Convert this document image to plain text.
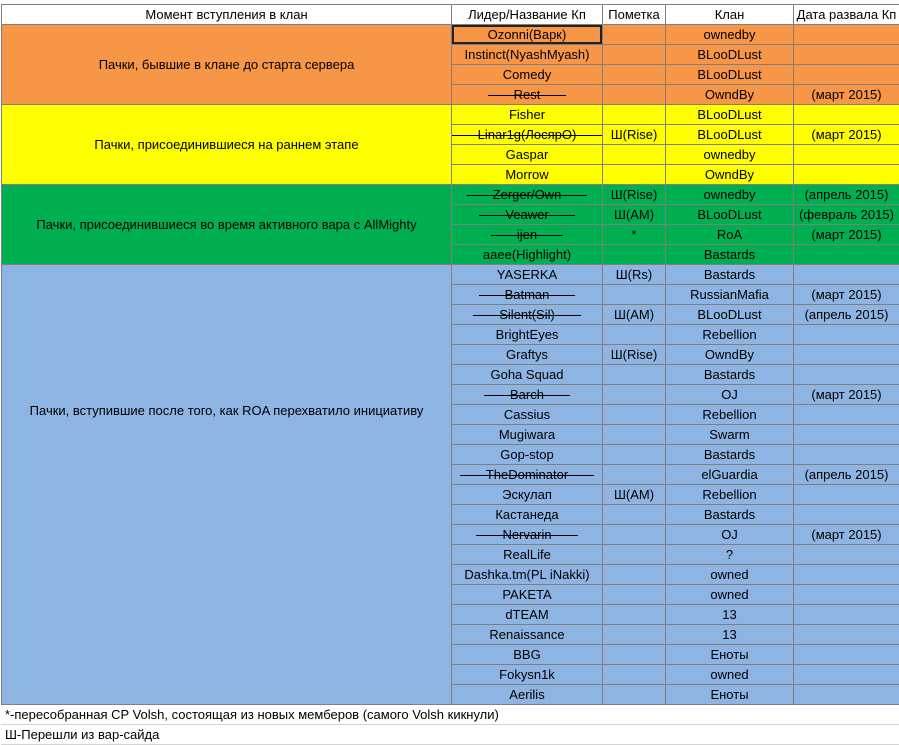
Момент вступления в клан	Лидер/Название Кп	Пометка	Клан	Дата развала Кп
Пачки, бывшие в клане до старта сервера	Ozonni(Варк)		ownedby	
	Instinct(NyashMyash)		BLooDLust	
	Comedy		BLooDLust	
	Rest		OwndBy	(март 2015)
Пачки, присоединившиеся на раннем этапе	Fisher		BLooDLust	
	Linar1g(ЛосярО)	Ш(Rise)	BLooDLust	(март 2015)
	Gaspar		ownedby	
	Morrow		OwndBy	
Пачки, присоединившиеся во время активного вара с AllMighty	Zerger/Own	Ш(Rise)	ownedby	(апрель 2015)
	Veawer	Ш(AM)	BLooDLust	(февраль 2015)
	ijen	*	RoA	(март 2015)
	aaee(Highlight)		Bastards	
Пачки, вступившие после того, как ROA перехватило инициативу	YASERKA	Ш(Rs)	Bastards	
	Batman		RussianMafia	(март 2015)
	Silent(Sil)	Ш(AM)	BLooDLust	(апрель 2015)
	BrightEyes		Rebellion	
	Graftys	Ш(Rise)	OwndBy	
	Goha Squad		Bastards	
	Barch		OJ	(март 2015)
	Cassius		Rebellion	
	Mugiwara		Swarm	
	Gop-stop		Bastards	
	TheDominator		elGuardia	(апрель 2015)
	Эскулап	Ш(AM)	Rebellion	
	Кастанеда		Bastards	
	Nervarin		OJ	(март 2015)
	RealLife		?	
	Dashka.tm(PL iNakki)		owned	
	PAKETA		owned	
	dTEAM		13	
	Renaissance		13	
	BBG		Еноты	
	Fokysn1k		owned	
	Aerilis		Еноты	
*-пересобранная CP Volsh, состоящая из новых мемберов (самого Volsh кикнули)
Ш-Перешли из вар-сайда
